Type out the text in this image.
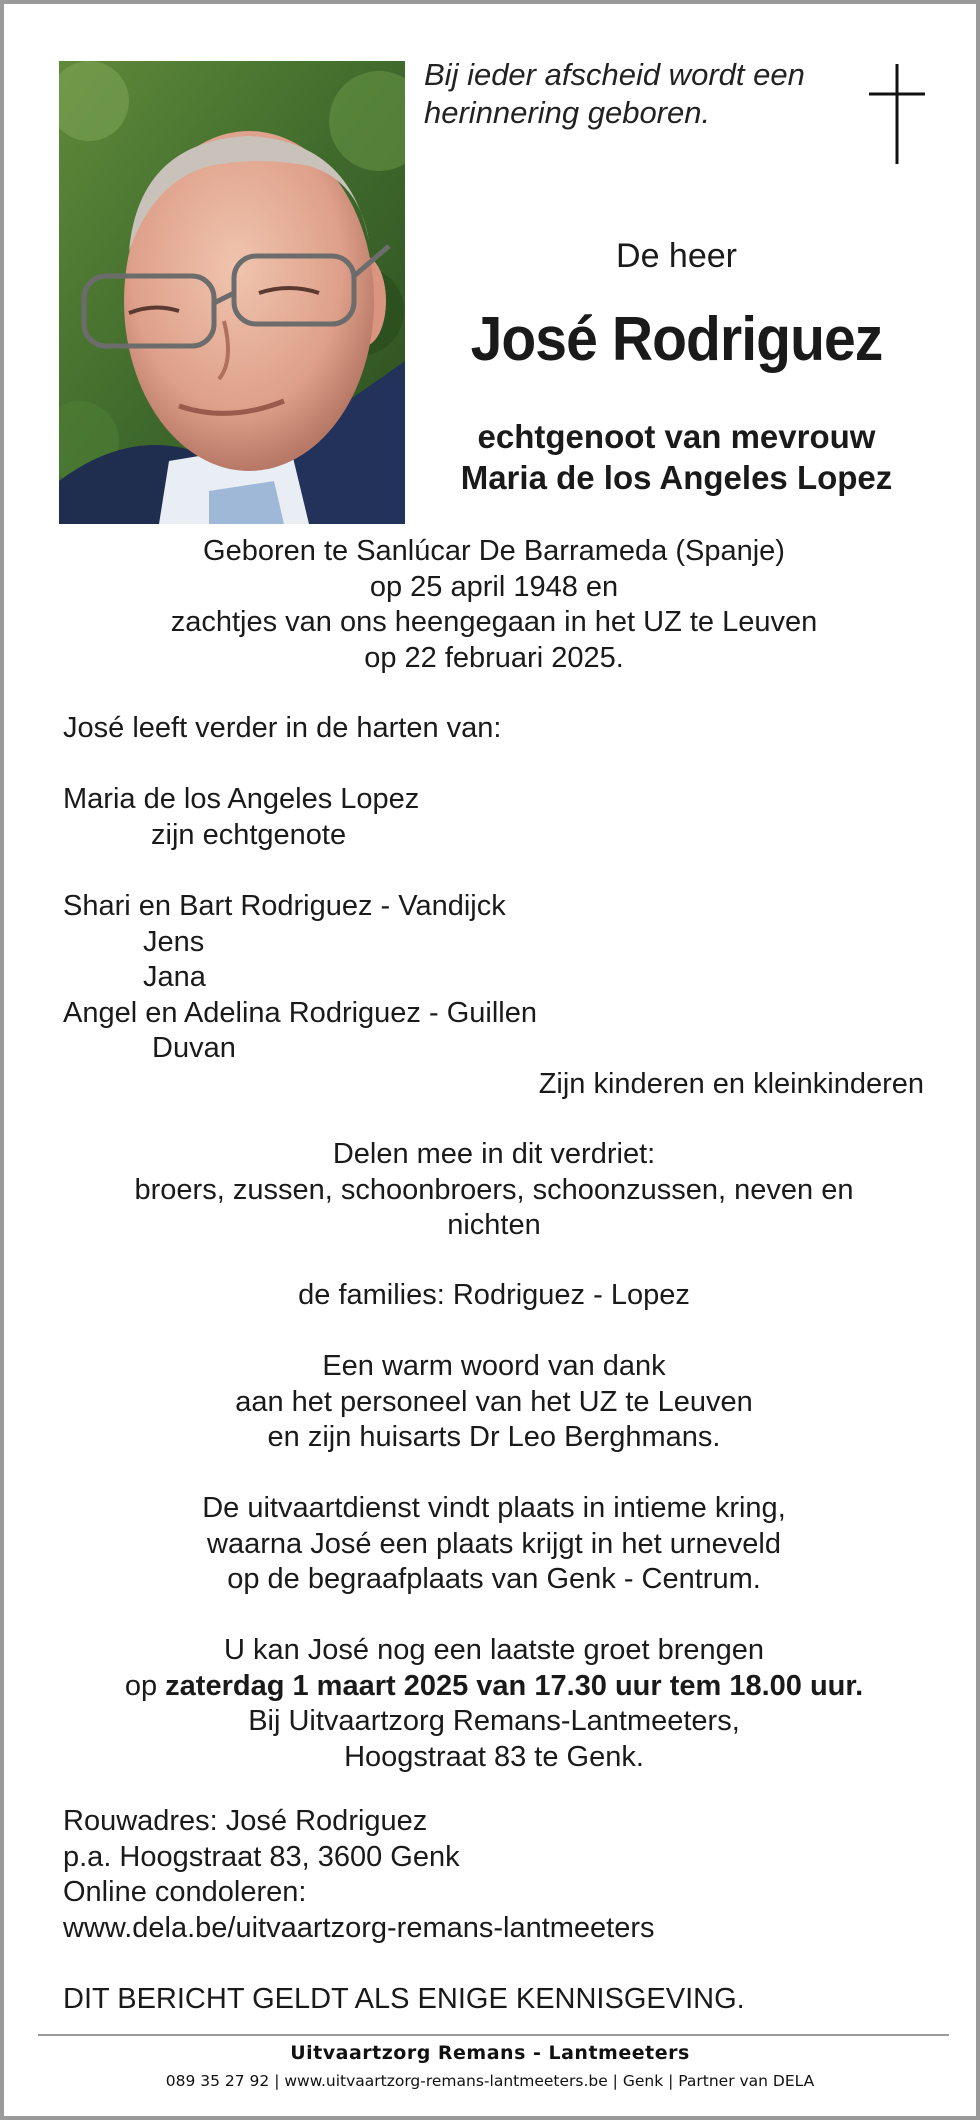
Bij ieder afscheid wordt een
herinnering geboren.
De heer
José Rodriguez
echtgenoot van mevrouw
Maria de los Angeles Lopez
Geboren te Sanlúcar De Barrameda (Spanje)
op 25 april 1948 en
zachtjes van ons heengegaan in het UZ te Leuven
op 22 februari 2025.
José leeft verder in de harten van:
Maria de los Angeles Lopez
zijn echtgenote
Shari en Bart Rodriguez - Vandijck
Jens
Jana
Angel en Adelina Rodriguez - Guillen
Duvan
Zijn kinderen en kleinkinderen
Delen mee in dit verdriet:
broers, zussen, schoonbroers, schoonzussen, neven en
nichten
de families: Rodriguez - Lopez
Een warm woord van dank
aan het personeel van het UZ te Leuven
en zijn huisarts Dr Leo Berghmans.
De uitvaartdienst vindt plaats in intieme kring,
waarna José een plaats krijgt in het urneveld
op de begraafplaats van Genk - Centrum.
U kan José nog een laatste groet brengen
op zaterdag 1 maart 2025 van 17.30 uur tem 18.00 uur.
Bij Uitvaartzorg Remans-Lantmeeters,
Hoogstraat 83 te Genk.
Rouwadres: José Rodriguez
p.a. Hoogstraat 83, 3600 Genk
Online condoleren:
www.dela.be/uitvaartzorg-remans-lantmeeters
DIT BERICHT GELDT ALS ENIGE KENNISGEVING.
Uitvaartzorg Remans - Lantmeeters
089 35 27 92 | www.uitvaartzorg-remans-lantmeeters.be | Genk | Partner van DELA
